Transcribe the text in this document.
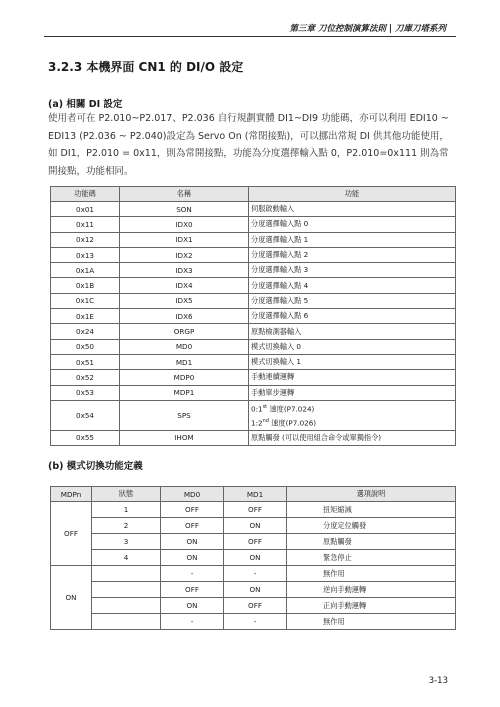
第三章 刀位控制演算法則 | 刀庫刀塔系列
3.2.3 本機界面 CN1 的 DI/O 設定
(a) 相關 DI 設定
使用者可在 P2.010~P2.017、P2.036 自行規劃實體 DI1~DI9 功能碼，亦可以利用 EDI10 ~
EDI13 (P2.036 ~ P2.040)設定為 Servo On (常閉接點)，可以挪出常規 DI 供其他功能使用，
如 DI1，P2.010 = 0x11，則為常開接點，功能為分度選擇輸入點 0，P2.010=0x111 則為常
開接點，功能相同。
功能碼	名稱	功能
0x01	SON	伺服啟動輸入
0x11	IDX0	分度選擇輸入點 0
0x12	IDX1	分度選擇輸入點 1
0x13	IDX2	分度選擇輸入點 2
0x1A	IDX3	分度選擇輸入點 3
0x1B	IDX4	分度選擇輸入點 4
0x1C	IDX5	分度選擇輸入點 5
0x1E	IDX6	分度選擇輸入點 6
0x24	ORGP	原點檢測器輸入
0x50	MD0	模式切換輸入 0
0x51	MD1	模式切換輸入 1
0x52	MDP0	手動連續運轉
0x53	MDP1	手動單步運轉
0x54	SPS	0:1st 速度(P7.024)
1:2nd 速度(P7.026)

0x55	IHOM	原點觸發 (可以使用組合命令或單獨指令)
(b) 模式切換功能定義
MDPn	狀態	MD0	MD1	選項說明
OFF	1	OFF	OFF	扭矩縮減
	2	OFF	ON	分度定位觸發
	3	ON	OFF	原點觸發
	4	ON	ON	緊急停止
ON		-	-	無作用
		OFF	ON	逆向手動運轉
		ON	OFF	正向手動運轉
		-	-	無作用
3-13
